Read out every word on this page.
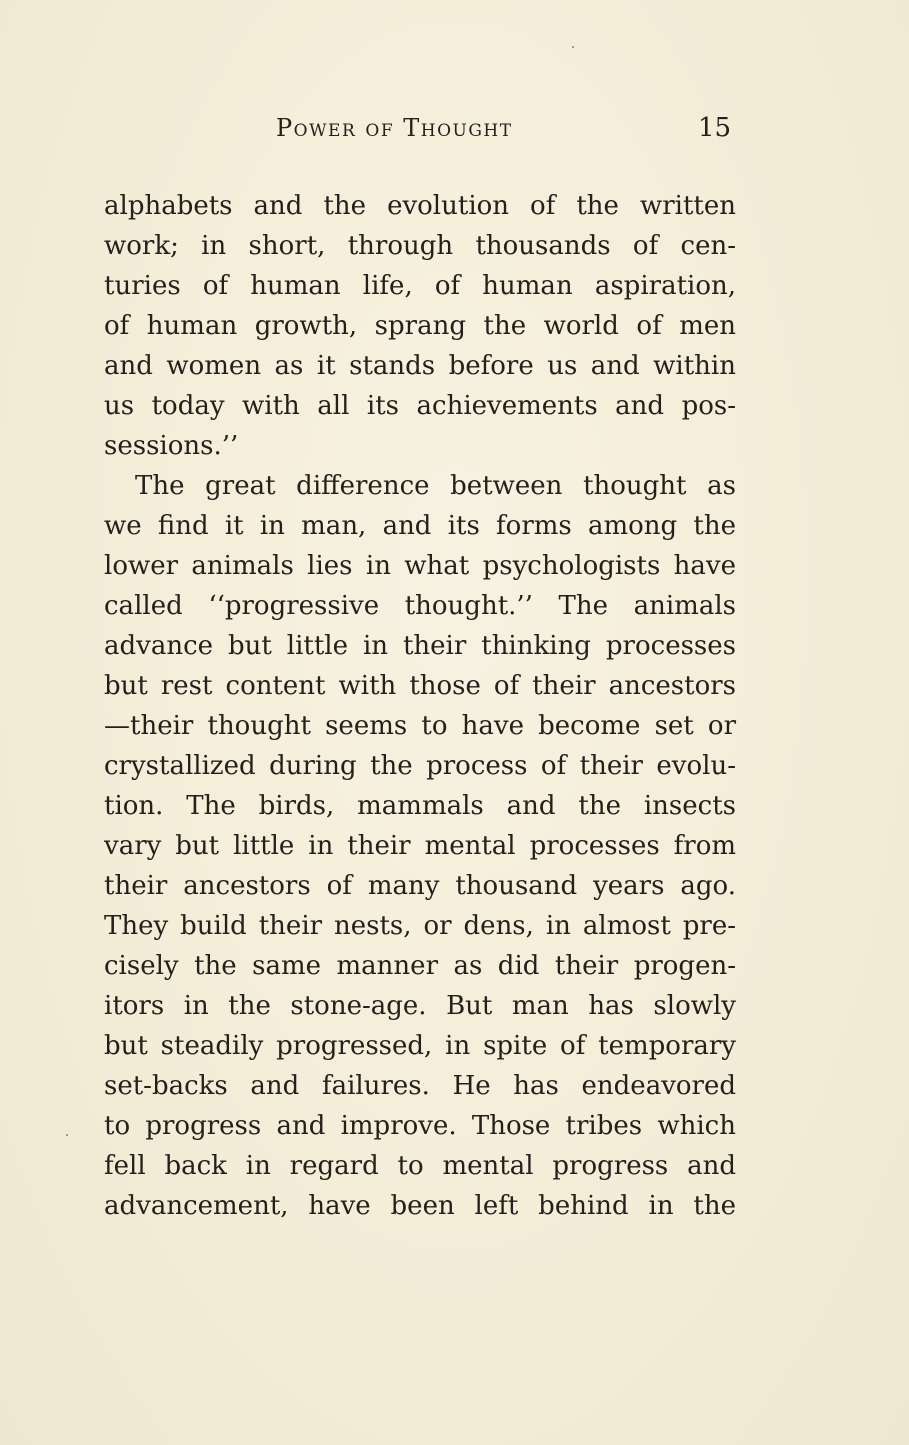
Power of Thought	15
alphabets and the evolution of the written
work; in short, through thousands of cen-
turies of human life, of human aspiration,
of human growth, sprang the world of men
and women as it stands before us and within
us today with all its achievements and pos-
sessions.’’
The great difference between thought as
we find it in man, and its forms among the
lower animals lies in what psychologists have
called ‘‘progressive thought.’’ The animals
advance but little in their thinking processes
but rest content with those of their ancestors
—their thought seems to have become set or
crystallized during the process of their evolu-
tion. The birds, mammals and the insects
vary but little in their mental processes from
their ancestors of many thousand years ago.
They build their nests, or dens, in almost pre-
cisely the same manner as did their progen-
itors in the stone-age. But man has slowly
but steadily progressed, in spite of temporary
set-backs and failures. He has endeavored
to progress and improve. Those tribes which
fell back in regard to mental progress and
advancement, have been left behind in the
